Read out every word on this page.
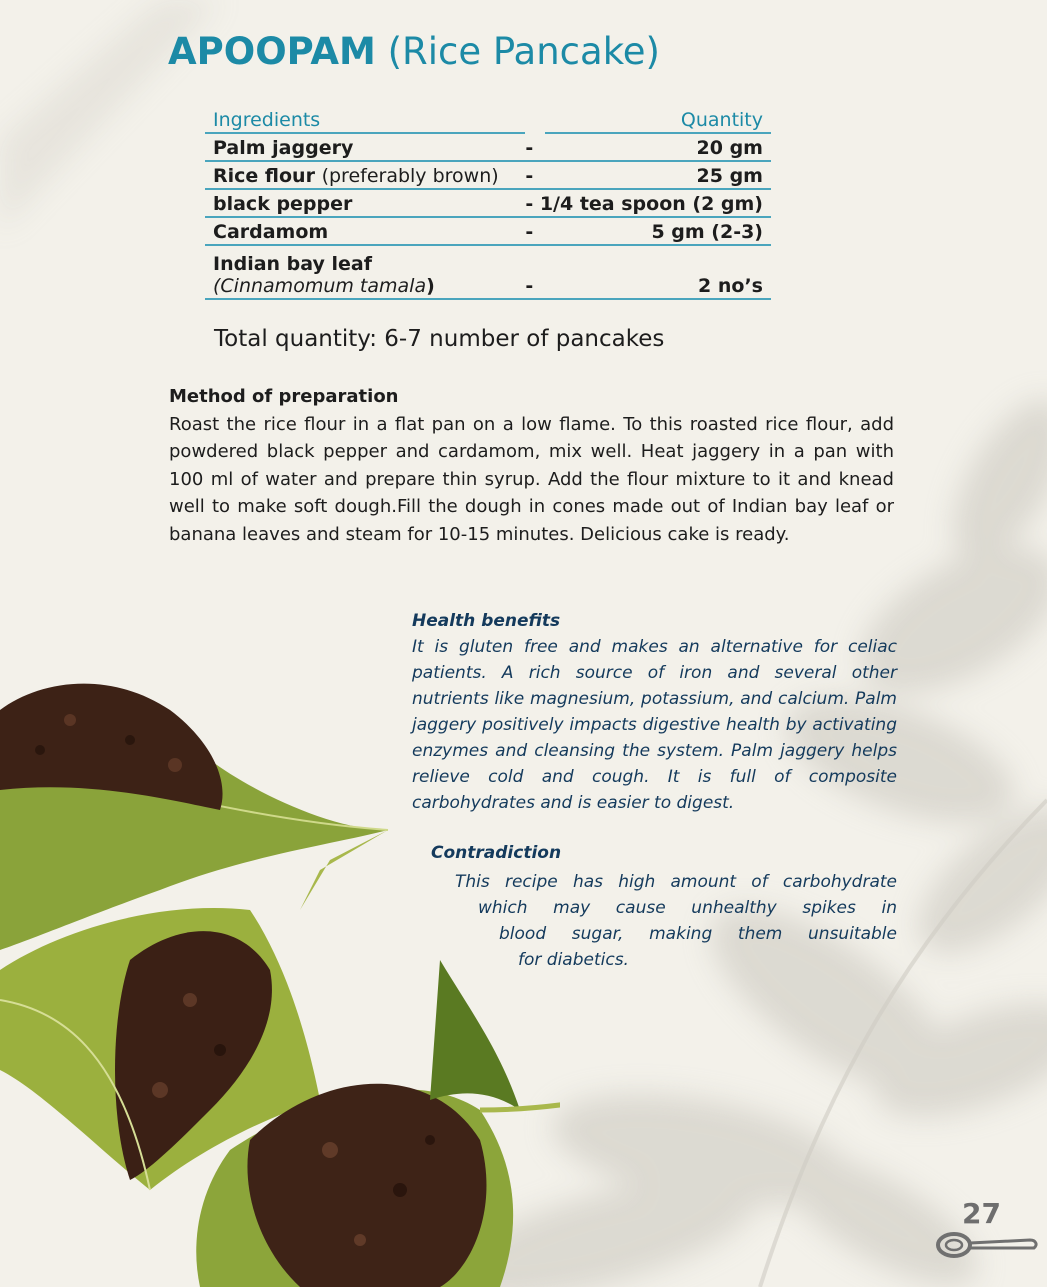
APOOPAM (Rice Pancake)
Ingredients		Quantity
Palm jaggery	-	20 gm
Rice flour (preferably brown)	-	25 gm
black pepper	- 1/4 tea spoon (2 gm)	
Cardamom	-	5 gm (2-3)
Indian bay leaf
(Cinnamomum tamala)	-	2 no’s
Total quantity: 6-7 number of pancakes
Method of preparation

Roast the rice flour in a flat pan on a low flame. To this roasted rice flour, add powdered black pepper and cardamom, mix well. Heat jaggery in a pan with 100 ml of water and prepare thin syrup. Add the flour mixture to it and knead well to make soft dough.Fill the dough in cones made out of Indian bay leaf or banana leaves and steam for 10-15 minutes. Delicious cake is ready.

Health benefits

It is gluten free and makes an alternative for celiac patients. A rich source of iron and several other nutrients like magnesium, potassium, and calcium. Palm jaggery positively impacts digestive health by activating enzymes and cleansing the system. Palm jaggery helps relieve cold and cough. It is full of composite carbohydrates and is easier to digest.

Contradiction

This recipe has high amount of carbohydrate

which may cause unhealthy spikes in

blood sugar, making them unsuitable

for diabetics.

27
